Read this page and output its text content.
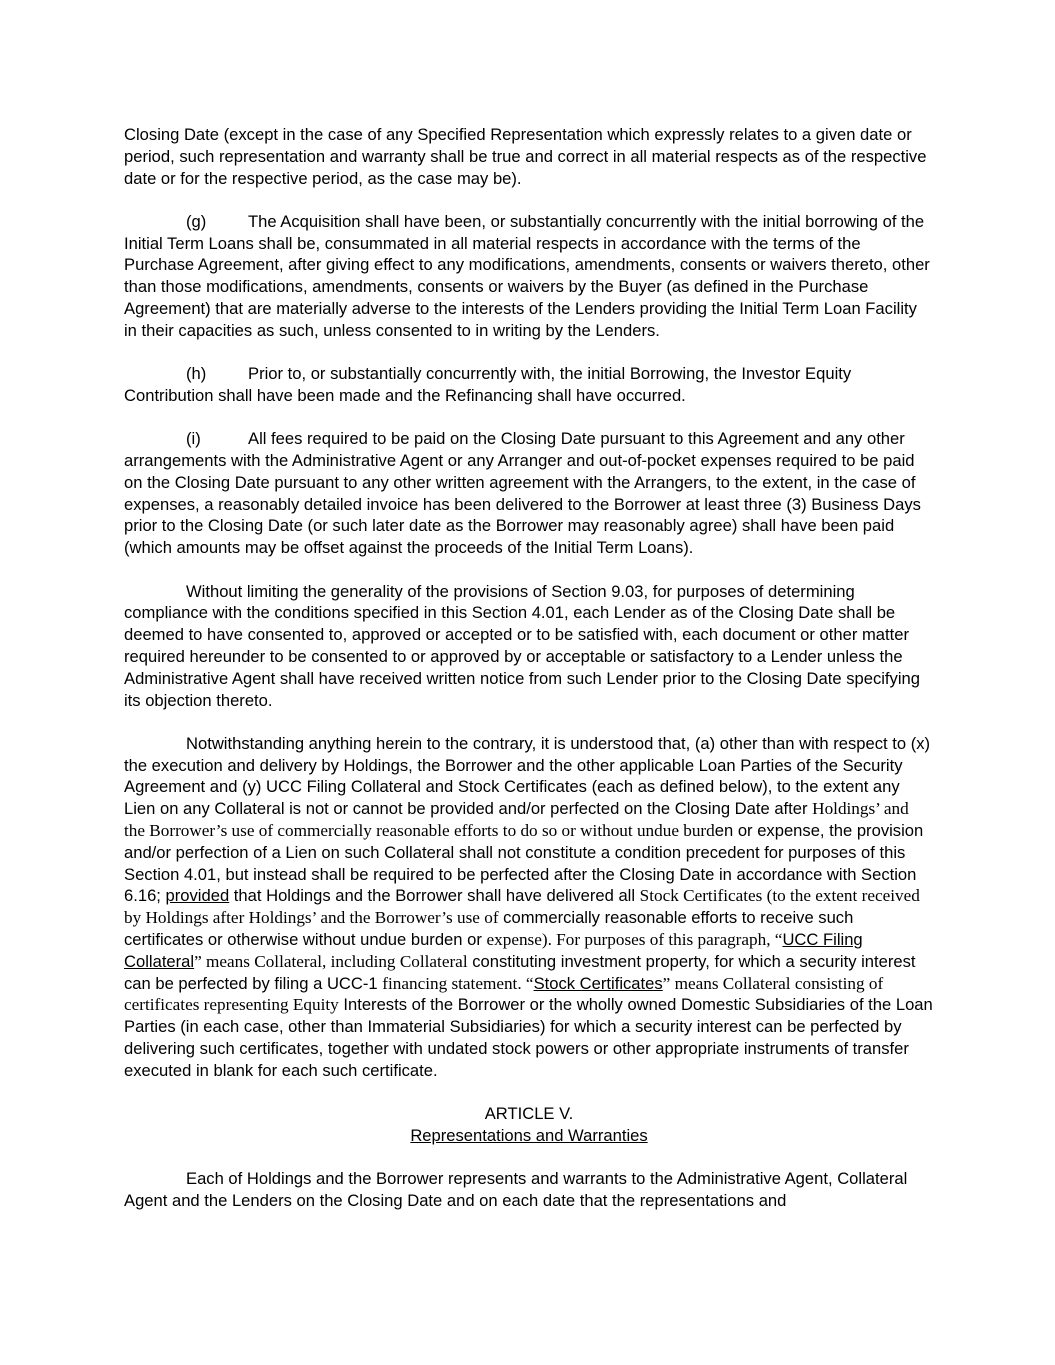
Closing Date (except in the case of any Specified Representation which expressly relates to a given date or period, such representation and warranty shall be true and correct in all material respects as of the respective date or for the respective period, as the case may be).

(g)	The Acquisition shall have been, or substantially concurrently with the initial borrowing of the Initial Term Loans shall be, consummated in all material respects in accordance with the terms of the Purchase Agreement, after giving effect to any modifications, amendments, consents or waivers thereto, other than those modifications, amendments, consents or waivers by the Buyer (as defined in the Purchase Agreement) that are materially adverse to the interests of the Lenders providing the Initial Term Loan Facility in their capacities as such, unless consented to in writing by the Lenders.

(h)	Prior to, or substantially concurrently with, the initial Borrowing, the Investor Equity Contribution shall have been made and the Refinancing shall have occurred.

(i)	All fees required to be paid on the Closing Date pursuant to this Agreement and any other arrangements with the Administrative Agent or any Arranger and out-of-pocket expenses required to be paid on the Closing Date pursuant to any other written agreement with the Arrangers, to the extent, in the case of expenses, a reasonably detailed invoice has been delivered to the Borrower at least three (3) Business Days prior to the Closing Date (or such later date as the Borrower may reasonably agree) shall have been paid (which amounts may be offset against the proceeds of the Initial Term Loans).

Without limiting the generality of the provisions of Section 9.03, for purposes of determining compliance with the conditions specified in this Section 4.01, each Lender as of the Closing Date shall be deemed to have consented to, approved or accepted or to be satisfied with, each document or other matter required hereunder to be consented to or approved by or acceptable or satisfactory to a Lender unless the Administrative Agent shall have received written notice from such Lender prior to the Closing Date specifying its objection thereto.

Notwithstanding anything herein to the contrary, it is understood that, (a) other than with respect to (x) the execution and delivery by Holdings, the Borrower and the other applicable Loan Parties of the Security Agreement and (y) UCC Filing Collateral and Stock Certificates (each as defined below), to the extent any Lien on any Collateral is not or cannot be provided and/or perfected on the Closing Date after Holdings’ and the Borrower’s use of commercially reasonable efforts to do so or without undue burden or expense, the provision and/or perfection of a Lien on such Collateral shall not constitute a condition precedent for purposes of this Section 4.01, but instead shall be required to be perfected after the Closing Date in accordance with Section 6.16; provided that Holdings and the Borrower shall have delivered all Stock Certificates (to the extent received by Holdings after Holdings’ and the Borrower’s use of commercially reasonable efforts to receive such certificates or otherwise without undue burden or expense). For purposes of this paragraph, “UCC Filing Collateral” means Collateral, including Collateral constituting investment property, for which a security interest can be perfected by filing a UCC-1 financing statement. “Stock Certificates” means Collateral consisting of certificates representing Equity Interests of the Borrower or the wholly owned Domestic Subsidiaries of the Loan Parties (in each case, other than Immaterial Subsidiaries) for which a security interest can be perfected by delivering such certificates, together with undated stock powers or other appropriate instruments of transfer executed in blank for each such certificate.

ARTICLE V.
Representations and Warranties

Each of Holdings and the Borrower represents and warrants to the Administrative Agent, Collateral Agent and the Lenders on the Closing Date and on each date that the representations and
